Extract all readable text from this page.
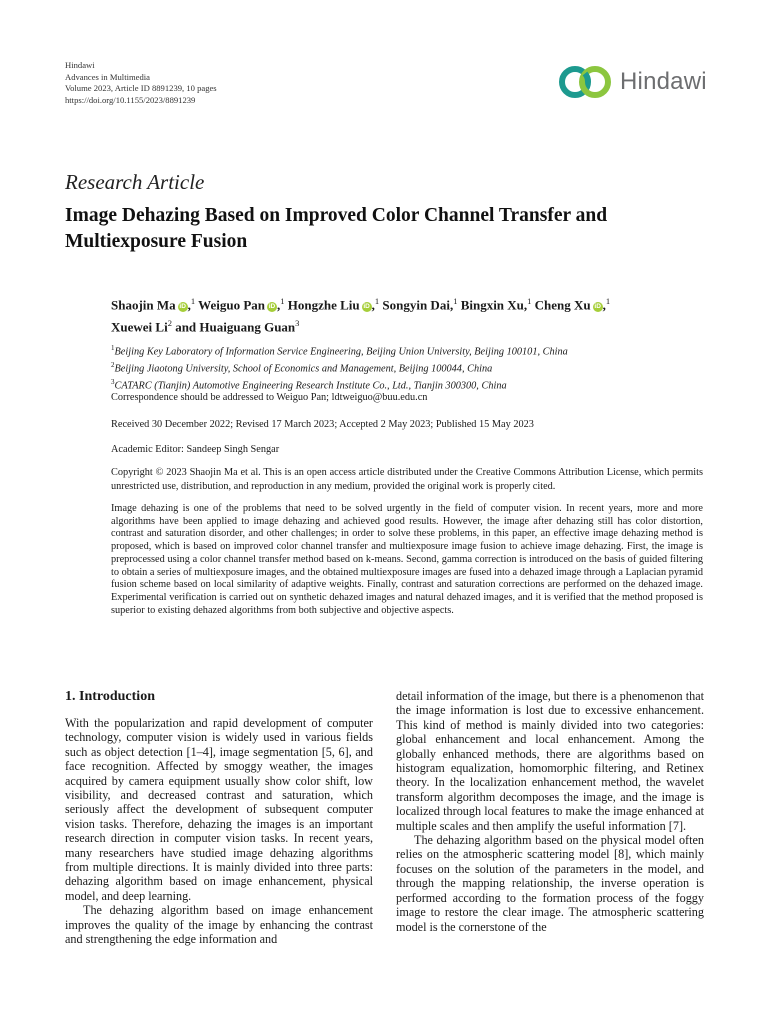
Hindawi
Advances in Multimedia
Volume 2023, Article ID 8891239, 10 pages
https://doi.org/10.1155/2023/8891239
Hindawi
Research Article
Image Dehazing Based on Improved Color Channel Transfer and Multiexposure Fusion
Shaojin Ma iD ,$^1$ Weiguo Pan iD ,$^1$ Hongzhe Liu iD ,$^1$ Songyin Dai,$^1$ Bingxin Xu,$^1$ Cheng Xu iD ,$^1$
Xuewei Li$^2$ and Huaiguang Guan$^3$
$^1$Beijing Key Laboratory of Information Service Engineering, Beijing Union University, Beijing 100101, China
$^2$Beijing Jiaotong University, School of Economics and Management, Beijing 100044, China
$^3$CATARC (Tianjin) Automotive Engineering Research Institute Co., Ltd., Tianjin 300300, China
Correspondence should be addressed to Weiguo Pan; ldtweiguo@buu.edu.cn
Received 30 December 2022; Revised 17 March 2023; Accepted 2 May 2023; Published 15 May 2023
Academic Editor: Sandeep Singh Sengar
Copyright © 2023 Shaojin Ma et al. This is an open access article distributed under the Creative Commons Attribution License, which permits unrestricted use, distribution, and reproduction in any medium, provided the original work is properly cited.
Image dehazing is one of the problems that need to be solved urgently in the field of computer vision. In recent years, more and more algorithms have been applied to image dehazing and achieved good results. However, the image after dehazing still has color distortion, contrast and saturation disorder, and other challenges; in order to solve these problems, in this paper, an effective image dehazing method is proposed, which is based on improved color channel transfer and multiexposure image fusion to achieve image dehazing. First, the image is preprocessed using a color channel transfer method based on k-means. Second, gamma correction is introduced on the basis of guided filtering to obtain a series of multiexposure images, and the obtained multiexposure images are fused into a dehazed image through a Laplacian pyramid fusion scheme based on local similarity of adaptive weights. Finally, contrast and saturation corrections are performed on the dehazed image. Experimental verification is carried out on synthetic dehazed images and natural dehazed images, and it is verified that the method proposed is superior to existing dehazed algorithms from both subjective and objective aspects.
1. Introduction

With the popularization and rapid development of computer technology, computer vision is widely used in various fields such as object detection [1–4], image segmentation [5, 6], and face recognition. Affected by smoggy weather, the images acquired by camera equipment usually show color shift, low visibility, and decreased contrast and saturation, which seriously affect the development of subsequent computer vision tasks. Therefore, dehazing the images is an important research direction in computer vision tasks. In recent years, many researchers have studied image dehazing algorithms from multiple directions. It is mainly divided into three parts: dehazing algorithm based on image enhancement, physical model, and deep learning.

The dehazing algorithm based on image enhancement improves the quality of the image by enhancing the contrast and strengthening the edge information and

detail information of the image, but there is a phenomenon that the image information is lost due to excessive enhancement. This kind of method is mainly divided into two categories: global enhancement and local enhancement. Among the globally enhanced methods, there are algorithms based on histogram equalization, homomorphic filtering, and Retinex theory. In the localization enhancement method, the wavelet transform algorithm decomposes the image, and the image is localized through local features to make the image enhanced at multiple scales and then amplify the useful information [7].

The dehazing algorithm based on the physical model often relies on the atmospheric scattering model [8], which mainly focuses on the solution of the parameters in the model, and through the mapping relationship, the inverse operation is performed according to the formation process of the foggy image to restore the clear image. The atmospheric scattering model is the cornerstone of the
